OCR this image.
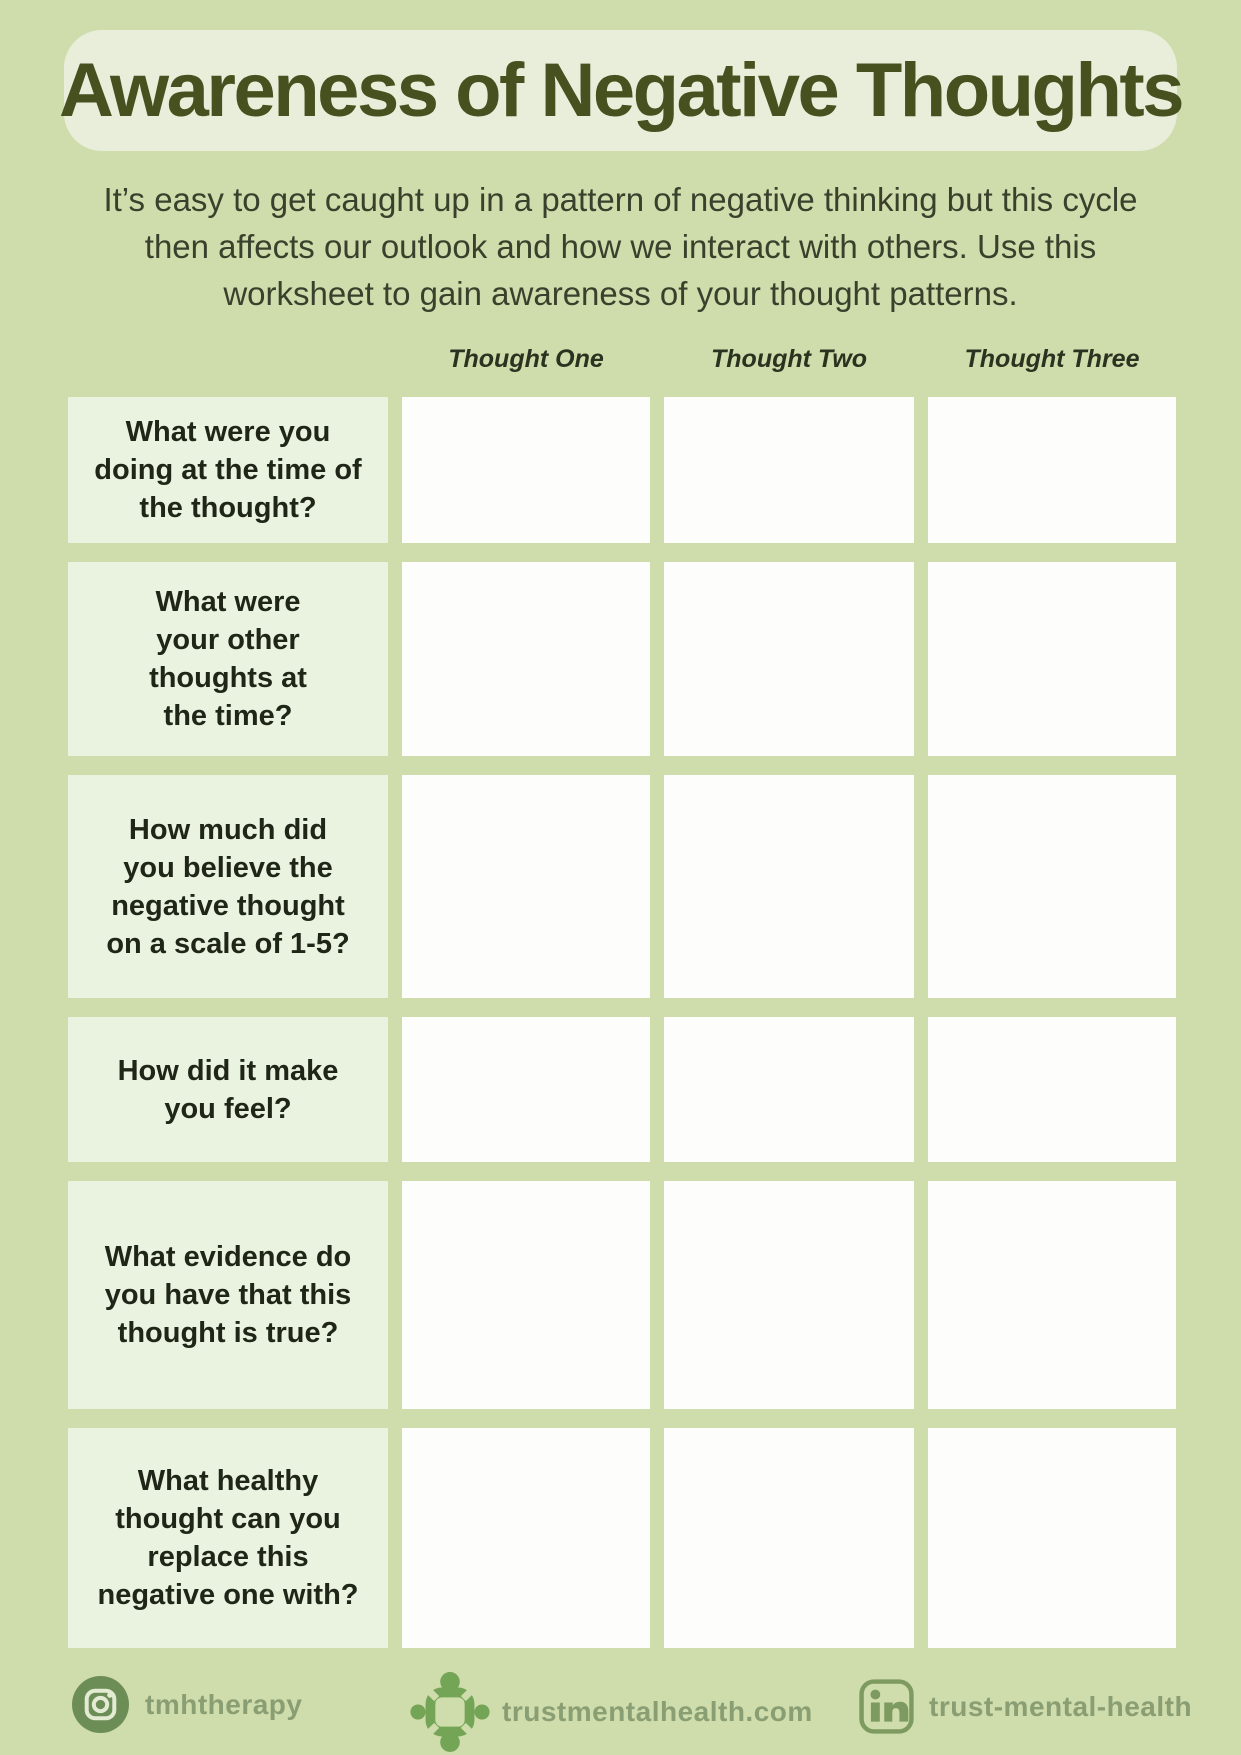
Awareness of Negative Thoughts
It’s easy to get caught up in a pattern of negative thinking but this cycle
then affects our outlook and how we interact with others. Use this
worksheet to gain awareness of your thought patterns.
Thought One	Thought Two	Thought Three
What were you
doing at the time of
the thought?
What were
your other
thoughts at
the time?
How much did
you believe the
negative thought
on a scale of 1-5?
How did it make
you feel?
What evidence do
you have that this
thought is true?
What healthy
thought can you
replace this
negative one with?
tmhtherapy	trustmentalhealth.com	trust-mental-health
